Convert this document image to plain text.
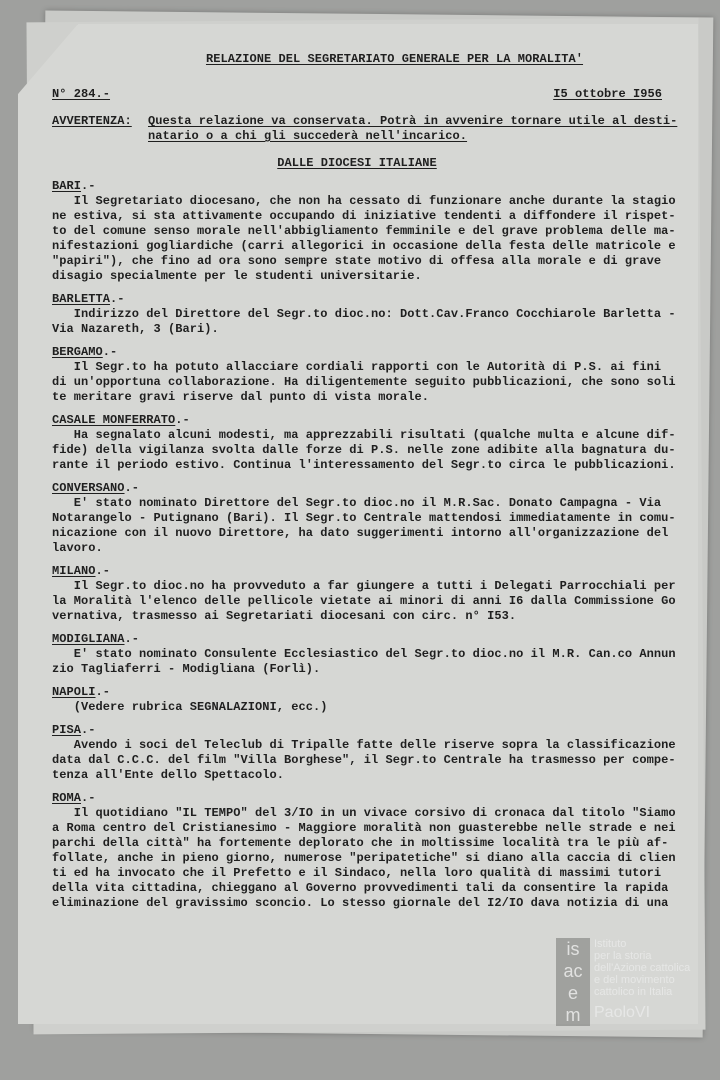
RELAZIONE DEL SEGRETARIATO GENERALE PER LA MORALITA'
N° 284.-	I5 ottobre I956
AVVERTENZA:	Questa relazione va conservata. Potrà in avvenire tornare utile al desti-
natario o a chi gli succederà nell'incarico.
DALLE DIOCESI ITALIANE
BARI.-
Il Segretariato diocesano, che non ha cessato di funzionare anche durante la stagio
ne estiva, si sta attivamente occupando di iniziative tendenti a diffondere il rispet-
to del comune senso morale nell'abbigliamento femminile e del grave problema delle ma-
nifestazioni gogliardiche (carri allegorici in occasione della festa delle matricole e
"papiri"), che fino ad ora sono sempre state motivo di offesa alla morale e di grave
disagio specialmente per le studenti universitarie.
BARLETTA.-
Indirizzo del Direttore del Segr.to dioc.no: Dott.Cav.Franco Cocchiarole Barletta -
Via Nazareth, 3 (Bari).
BERGAMO.-
Il Segr.to ha potuto allacciare cordiali rapporti con le Autorità di P.S. ai fini
di un'opportuna collaborazione. Ha diligentemente seguito pubblicazioni, che sono soli
te meritare gravi riserve dal punto di vista morale.
CASALE MONFERRATO.-
Ha segnalato alcuni modesti, ma apprezzabili risultati (qualche multa e alcune dif-
fide) della vigilanza svolta dalle forze di P.S. nelle zone adibite alla bagnatura du-
rante il periodo estivo. Continua l'interessamento del Segr.to circa le pubblicazioni.
CONVERSANO.-
E' stato nominato Direttore del Segr.to dioc.no il M.R.Sac. Donato Campagna - Via
Notarangelo - Putignano (Bari). Il Segr.to Centrale mattendosi immediatamente in comu-
nicazione con il nuovo Direttore, ha dato suggerimenti intorno all'organizzazione del
lavoro.
MILANO.-
Il Segr.to dioc.no ha provveduto a far giungere a tutti i Delegati Parrocchiali per
la Moralità l'elenco delle pellicole vietate ai minori di anni I6 dalla Commissione Go
vernativa, trasmesso ai Segretariati diocesani con circ. n° I53.
MODIGLIANA.-
E' stato nominato Consulente Ecclesiastico del Segr.to dioc.no il M.R. Can.co Annun
zio Tagliaferri - Modigliana (Forlì).
NAPOLI.-
(Vedere rubrica SEGNALAZIONI, ecc.)
PISA.-
Avendo i soci del Teleclub di Tripalle fatte delle riserve sopra la classificazione
data dal C.C.C. del film "Villa Borghese", il Segr.to Centrale ha trasmesso per compe-
tenza all'Ente dello Spettacolo.
ROMA.-
Il quotidiano "IL TEMPO" del 3/IO in un vivace corsivo di cronaca dal titolo "Siamo
a Roma centro del Cristianesimo - Maggiore moralità non guasterebbe nelle strade e nei
parchi della città" ha fortemente deplorato che in moltissime località tra le più af-
follate, anche in pieno giorno, numerose "peripatetiche" si diano alla caccia di clien
ti ed ha invocato che il Prefetto e il Sindaco, nella loro qualità di massimi tutori
della vita cittadina, chieggano al Governo provvedimenti tali da consentire la rapida
eliminazione del gravissimo sconcio. Lo stesso giornale del I2/IO dava notizia di una
is
ac
e
m
Istituto
per la storia
dell'Azione cattolica
e del movimento
cattolico in Italia
PaoloVI
